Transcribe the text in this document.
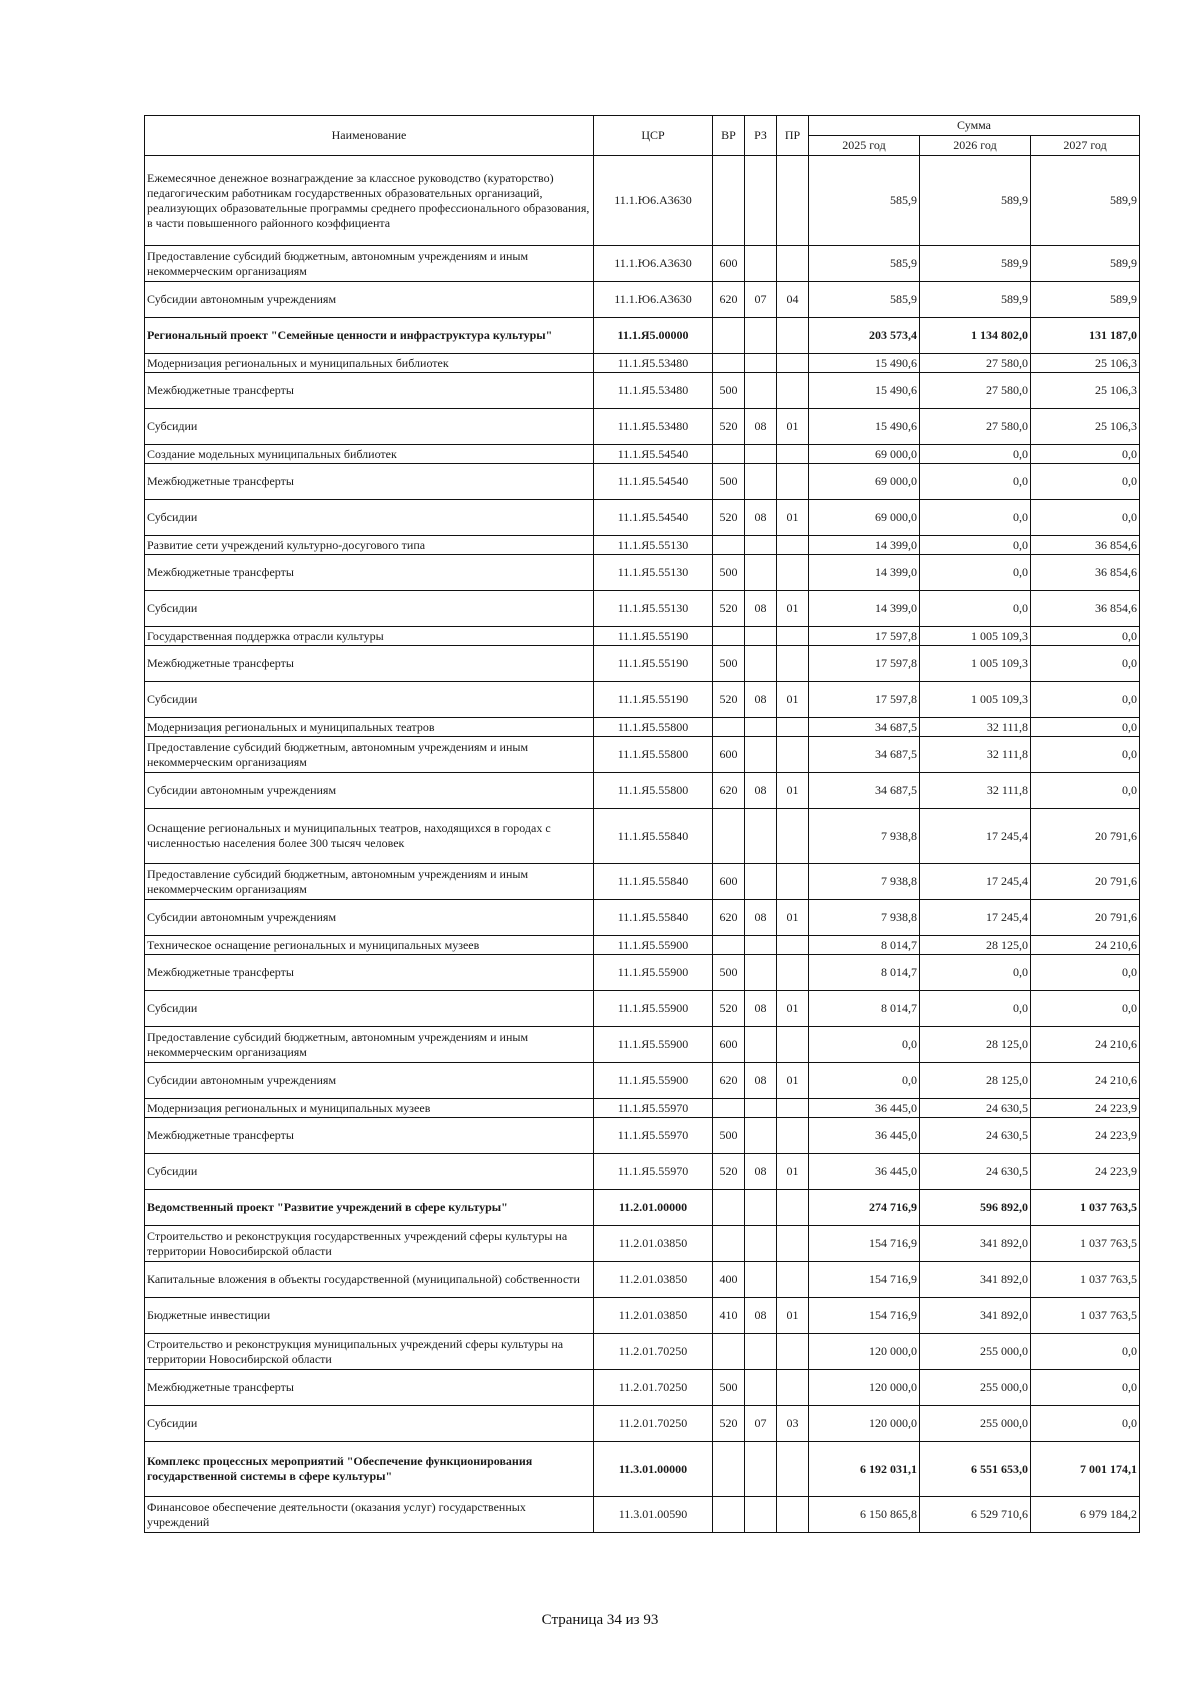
Наименование	ЦСР	ВР	РЗ	ПР	Сумма		
					2025 год	2026 год	2027 год
Ежемесячное денежное вознаграждение за классное руководство (кураторство) педагогическим работникам государственных образовательных организаций, реализующих образовательные программы среднего профессионального образования, в части повышенного районного коэффициента	11.1.Ю6.А3630				585,9	589,9	589,9
Предоставление субсидий бюджетным, автономным учреждениям и иным некоммерческим организациям	11.1.Ю6.А3630	600			585,9	589,9	589,9
Субсидии автономным учреждениям	11.1.Ю6.А3630	620	07	04	585,9	589,9	589,9
Региональный проект "Семейные ценности и инфраструктура культуры"	11.1.Я5.00000				203 573,4	1 134 802,0	131 187,0
Модернизация региональных и муниципальных библиотек	11.1.Я5.53480				15 490,6	27 580,0	25 106,3
Межбюджетные трансферты	11.1.Я5.53480	500			15 490,6	27 580,0	25 106,3
Субсидии	11.1.Я5.53480	520	08	01	15 490,6	27 580,0	25 106,3
Создание модельных муниципальных библиотек	11.1.Я5.54540				69 000,0	0,0	0,0
Межбюджетные трансферты	11.1.Я5.54540	500			69 000,0	0,0	0,0
Субсидии	11.1.Я5.54540	520	08	01	69 000,0	0,0	0,0
Развитие сети учреждений культурно-досугового типа	11.1.Я5.55130				14 399,0	0,0	36 854,6
Межбюджетные трансферты	11.1.Я5.55130	500			14 399,0	0,0	36 854,6
Субсидии	11.1.Я5.55130	520	08	01	14 399,0	0,0	36 854,6
Государственная поддержка отрасли культуры	11.1.Я5.55190				17 597,8	1 005 109,3	0,0
Межбюджетные трансферты	11.1.Я5.55190	500			17 597,8	1 005 109,3	0,0
Субсидии	11.1.Я5.55190	520	08	01	17 597,8	1 005 109,3	0,0
Модернизация региональных и муниципальных театров	11.1.Я5.55800				34 687,5	32 111,8	0,0
Предоставление субсидий бюджетным, автономным учреждениям и иным некоммерческим организациям	11.1.Я5.55800	600			34 687,5	32 111,8	0,0
Субсидии автономным учреждениям	11.1.Я5.55800	620	08	01	34 687,5	32 111,8	0,0
Оснащение региональных и муниципальных театров, находящихся в городах с численностью населения более 300 тысяч человек	11.1.Я5.55840				7 938,8	17 245,4	20 791,6
Предоставление субсидий бюджетным, автономным учреждениям и иным некоммерческим организациям	11.1.Я5.55840	600			7 938,8	17 245,4	20 791,6
Субсидии автономным учреждениям	11.1.Я5.55840	620	08	01	7 938,8	17 245,4	20 791,6
Техническое оснащение региональных и муниципальных музеев	11.1.Я5.55900				8 014,7	28 125,0	24 210,6
Межбюджетные трансферты	11.1.Я5.55900	500			8 014,7	0,0	0,0
Субсидии	11.1.Я5.55900	520	08	01	8 014,7	0,0	0,0
Предоставление субсидий бюджетным, автономным учреждениям и иным некоммерческим организациям	11.1.Я5.55900	600			0,0	28 125,0	24 210,6
Субсидии автономным учреждениям	11.1.Я5.55900	620	08	01	0,0	28 125,0	24 210,6
Модернизация региональных и муниципальных музеев	11.1.Я5.55970				36 445,0	24 630,5	24 223,9
Межбюджетные трансферты	11.1.Я5.55970	500			36 445,0	24 630,5	24 223,9
Субсидии	11.1.Я5.55970	520	08	01	36 445,0	24 630,5	24 223,9
Ведомственный проект "Развитие учреждений в сфере культуры"	11.2.01.00000				274 716,9	596 892,0	1 037 763,5
Строительство и реконструкция государственных учреждений сферы культуры на территории Новосибирской области	11.2.01.03850				154 716,9	341 892,0	1 037 763,5
Капитальные вложения в объекты государственной (муниципальной) собственности	11.2.01.03850	400			154 716,9	341 892,0	1 037 763,5
Бюджетные инвестиции	11.2.01.03850	410	08	01	154 716,9	341 892,0	1 037 763,5
Строительство и реконструкция муниципальных учреждений сферы культуры на территории Новосибирской области	11.2.01.70250				120 000,0	255 000,0	0,0
Межбюджетные трансферты	11.2.01.70250	500			120 000,0	255 000,0	0,0
Субсидии	11.2.01.70250	520	07	03	120 000,0	255 000,0	0,0
Комплекс процессных мероприятий "Обеспечение функционирования государственной системы в сфере культуры"	11.3.01.00000				6 192 031,1	6 551 653,0	7 001 174,1
Финансовое обеспечение деятельности (оказания услуг) государственных учреждений	11.3.01.00590				6 150 865,8	6 529 710,6	6 979 184,2
Страница 34 из 93
